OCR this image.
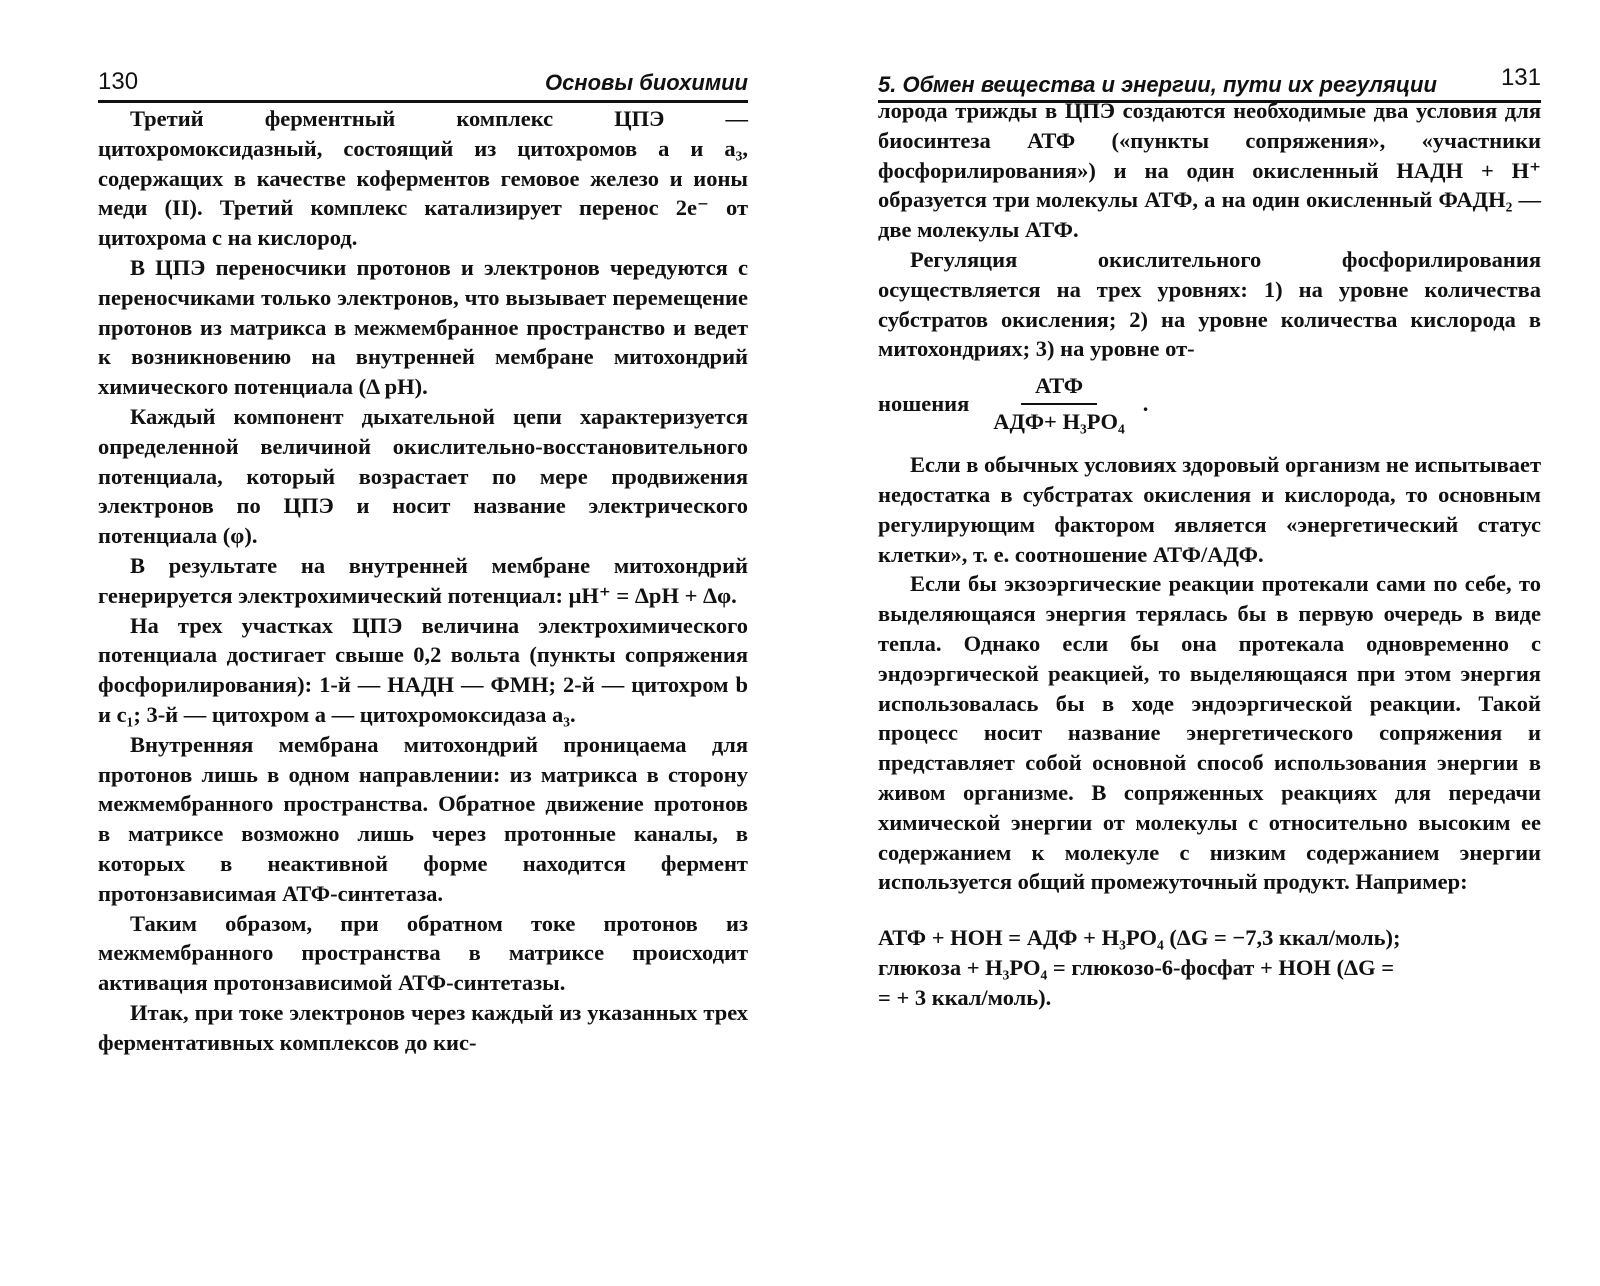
130	Основы биохимии

Третий ферментный комплекс ЦПЭ — цитохромоксидазный, состоящий из цитохромов а и а₃, содержащих в качестве коферментов гемовое железо и ионы меди (II). Третий комплекс катализирует перенос 2е⁻ от цитохрома с на кислород.

В ЦПЭ переносчики протонов и электронов чередуются с переносчиками только электронов, что вызывает перемещение протонов из матрикса в межмембранное пространство и ведет к возникновению на внутренней мембране митохондрий химического потенциала (Δ pH).

Каждый компонент дыхательной цепи характеризуется определенной величиной окислительно-восстановительного потенциала, который возрастает по мере продвижения электронов по ЦПЭ и носит название электрического потенциала (φ).

В результате на внутренней мембране митохондрий генерируется электрохимический потенциал: μH⁺ = ΔpH + Δφ.

На трех участках ЦПЭ величина электрохимического потенциала достигает свыше 0,2 вольта (пункты сопряжения фосфорилирования): 1-й — НАДН — ФМН; 2-й — цитохром b и с₁; 3-й — цитохром а — цитохромоксидаза а₃.

Внутренняя мембрана митохондрий проницаема для протонов лишь в одном направлении: из матрикса в сторону межмембранного пространства. Обратное движение протонов в матриксе возможно лишь через протонные каналы, в которых в неактивной форме находится фермент протонзависимая АТФ-синтетаза.

Таким образом, при обратном токе протонов из межмембранного пространства в матриксе происходит активация протонзависимой АТФ-синтетазы.

Итак, при токе электронов через каждый из указанных трех ферментативных комплексов до кис-

5. Обмен вещества и энергии, пути их регуляции	131

лорода трижды в ЦПЭ создаются необходимые два условия для биосинтеза АТФ («пункты сопряжения», «участники фосфорилирования») и на один окисленный НАДН + Н⁺ образуется три молекулы АТФ, а на один окисленный ФАДН₂ — две молекулы АТФ.

Регуляция окислительного фосфорилирования осуществляется на трех уровнях: 1) на уровне количества субстратов окисления; 2) на уровне количества кислорода в митохондриях; 3) на уровне от-

ношения $\frac{\text{АТФ}}{\text{АДФ+ H₃PO₄}}$ .

Если в обычных условиях здоровый организм не испытывает недостатка в субстратах окисления и кислорода, то основным регулирующим фактором является «энергетический статус клетки», т. е. соотношение АТФ/АДФ.

Если бы экзоэргические реакции протекали сами по себе, то выделяющаяся энергия терялась бы в первую очередь в виде тепла. Однако если бы она протекала одновременно с эндоэргической реакцией, то выделяющаяся при этом энергия использовалась бы в ходе эндоэргической реакции. Такой процесс носит название энергетического сопряжения и представляет собой основной способ использования энергии в живом организме. В сопряженных реакциях для передачи химической энергии от молекулы с относительно высоким ее содержанием к молекуле с низким содержанием энергии используется общий промежуточный продукт. Например:

АТФ + НОН = АДФ + Н₃РО₄ (ΔG = −7,3 ккал/моль);

глюкоза + Н₃РО₄ = глюкозо-6-фосфат + НОН (ΔG =

= + 3 ккал/моль).
